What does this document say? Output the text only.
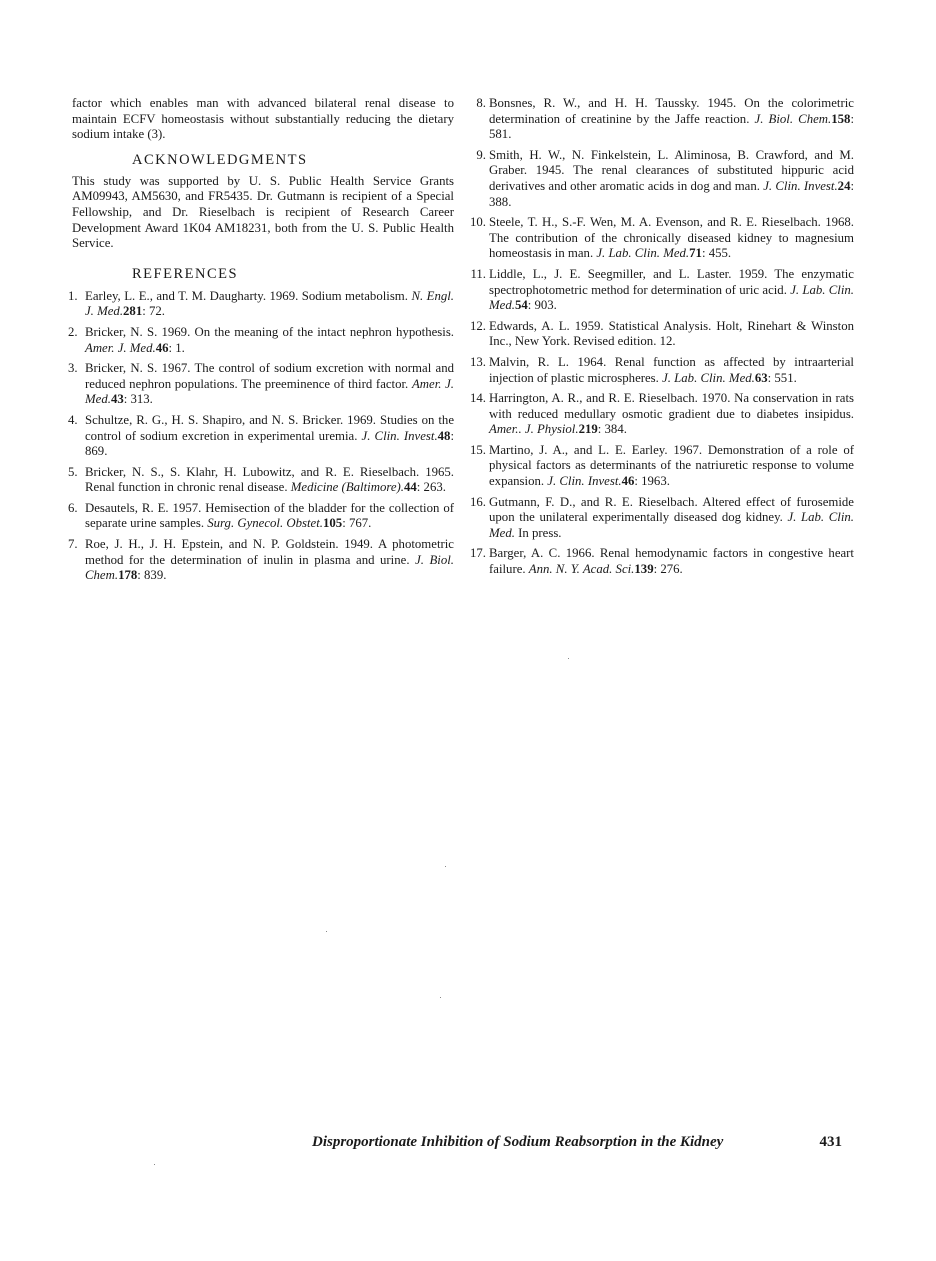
factor which enables man with advanced bilateral renal disease to maintain ECFV homeostasis without substantially reducing the dietary sodium intake (3).

ACKNOWLEDGMENTS

This study was supported by U. S. Public Health Service Grants AM09943, AM5630, and FR5435. Dr. Gutmann is recipient of a Special Fellowship, and Dr. Rieselbach is recipient of Research Career Development Award 1K04 AM18231, both from the U. S. Public Health Service.

REFERENCES
1. Earley, L. E., and T. M. Daugharty. 1969. Sodium metabolism. N. Engl. J. Med.281: 72.
2. Bricker, N. S. 1969. On the meaning of the intact nephron hypothesis. Amer. J. Med.46: 1.
3. Bricker, N. S. 1967. The control of sodium excretion with normal and reduced nephron populations. The preeminence of third factor. Amer. J. Med.43: 313.
4. Schultze, R. G., H. S. Shapiro, and N. S. Bricker. 1969. Studies on the control of sodium excretion in experimental uremia. J. Clin. Invest.48: 869.
5. Bricker, N. S., S. Klahr, H. Lubowitz, and R. E. Rieselbach. 1965. Renal function in chronic renal disease. Medicine (Baltimore).44: 263.
6. Desautels, R. E. 1957. Hemisection of the bladder for the collection of separate urine samples. Surg. Gynecol. Obstet.105: 767.
7. Roe, J. H., J. H. Epstein, and N. P. Goldstein. 1949. A photometric method for the determination of inulin in plasma and urine. J. Biol. Chem.178: 839.
8. Bonsnes, R. W., and H. H. Taussky. 1945. On the colorimetric determination of creatinine by the Jaffe reaction. J. Biol. Chem.158: 581.
9. Smith, H. W., N. Finkelstein, L. Aliminosa, B. Crawford, and M. Graber. 1945. The renal clearances of substituted hippuric acid derivatives and other aromatic acids in dog and man. J. Clin. Invest.24: 388.
10. Steele, T. H., S.-F. Wen, M. A. Evenson, and R. E. Rieselbach. 1968. The contribution of the chronically diseased kidney to magnesium homeostasis in man. J. Lab. Clin. Med.71: 455.
11. Liddle, L., J. E. Seegmiller, and L. Laster. 1959. The enzymatic spectrophotometric method for determination of uric acid. J. Lab. Clin. Med.54: 903.
12. Edwards, A. L. 1959. Statistical Analysis. Holt, Rinehart & Winston Inc., New York. Revised edition. 12.
13. Malvin, R. L. 1964. Renal function as affected by intraarterial injection of plastic microspheres. J. Lab. Clin. Med.63: 551.
14. Harrington, A. R., and R. E. Rieselbach. 1970. Na conservation in rats with reduced medullary osmotic gradient due to diabetes insipidus. Amer.. J. Physiol.219: 384.
15. Martino, J. A., and L. E. Earley. 1967. Demonstration of a role of physical factors as determinants of the natriuretic response to volume expansion. J. Clin. Invest.46: 1963.
16. Gutmann, F. D., and R. E. Rieselbach. Altered effect of furosemide upon the unilateral experimentally diseased dog kidney. J. Lab. Clin. Med. In press.
17. Barger, A. C. 1966. Renal hemodynamic factors in congestive heart failure. Ann. N. Y. Acad. Sci.139: 276.
Disproportionate Inhibition of Sodium Reabsorption in the Kidney	431
